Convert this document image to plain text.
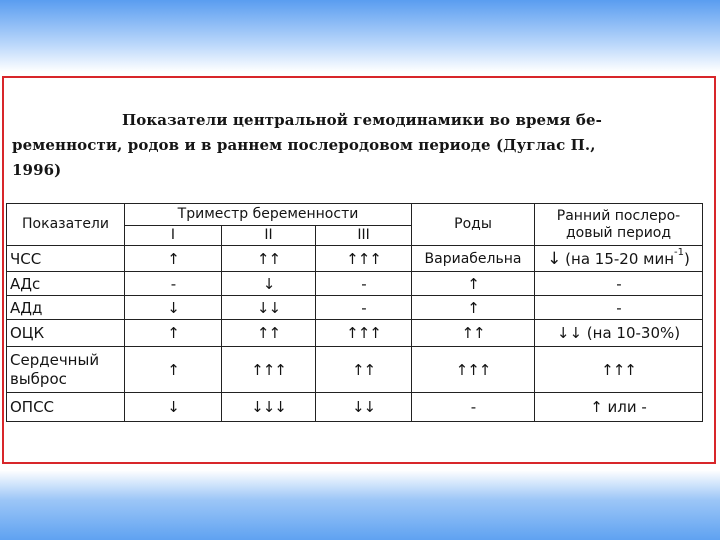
Показатели центральной гемодинамики во время бе-
ременности, родов и в раннем послеродовом периоде (Дуглас П.,
1996)
Показатели	Триместр беременности			Роды	Ранний послеро-
довый период
	I	II	III		
ЧСС	↑	↑↑	↑↑↑	Вариабельна	↓ (на 15-20 мин$^{-1}$)
АДс	-	↓	-	↑	-
АДд	↓	↓↓	-	↑	-
ОЦК	↑	↑↑	↑↑↑	↑↑	↓↓ (на 10-30%)
Сердечный выброс	↑	↑↑↑	↑↑	↑↑↑	↑↑↑
ОПСС	↓	↓↓↓	↓↓	-	↑ или -
